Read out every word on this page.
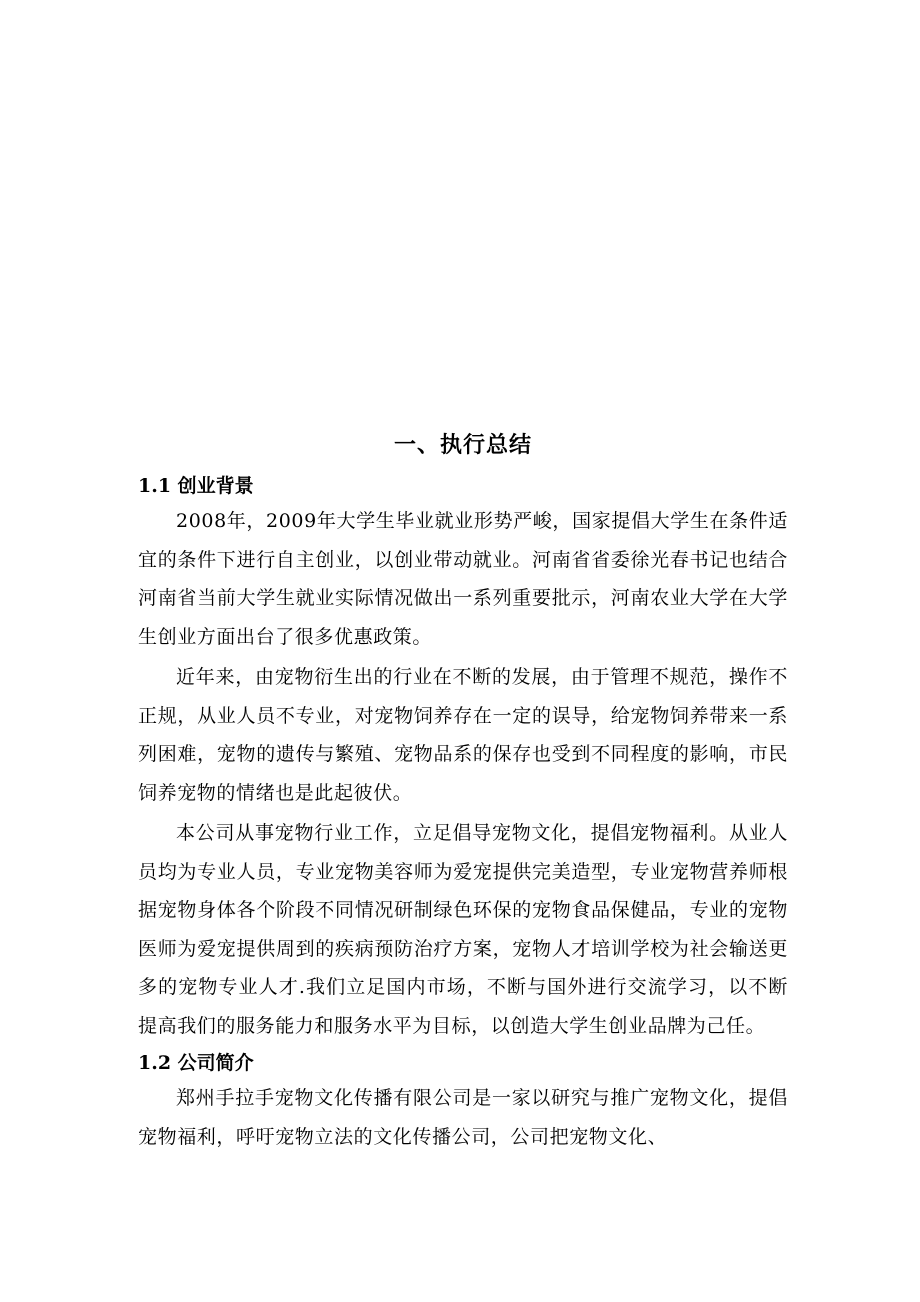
一、执行总结
1.1 创业背景

2008年，2009年大学生毕业就业形势严峻，国家提倡大学生在条件适宜的条件下进行自主创业，以创业带动就业。河南省省委徐光春书记也结合河南省当前大学生就业实际情况做出一系列重要批示，河南农业大学在大学生创业方面出台了很多优惠政策。

近年来，由宠物衍生出的行业在不断的发展，由于管理不规范，操作不正规，从业人员不专业，对宠物饲养存在一定的误导，给宠物饲养带来一系列困难，宠物的遗传与繁殖、宠物品系的保存也受到不同程度的影响，市民饲养宠物的情绪也是此起彼伏。

本公司从事宠物行业工作，立足倡导宠物文化，提倡宠物福利。从业人员均为专业人员，专业宠物美容师为爱宠提供完美造型，专业宠物营养师根据宠物身体各个阶段不同情况研制绿色环保的宠物食品保健品，专业的宠物医师为爱宠提供周到的疾病预防治疗方案，宠物人才培训学校为社会输送更多的宠物专业人才.我们立足国内市场，不断与国外进行交流学习，以不断提高我们的服务能力和服务水平为目标，以创造大学生创业品牌为己任。

1.2 公司简介

郑州手拉手宠物文化传播有限公司是一家以研究与推广宠物文化，提倡宠物福利，呼吁宠物立法的文化传播公司，公司把宠物文化、
